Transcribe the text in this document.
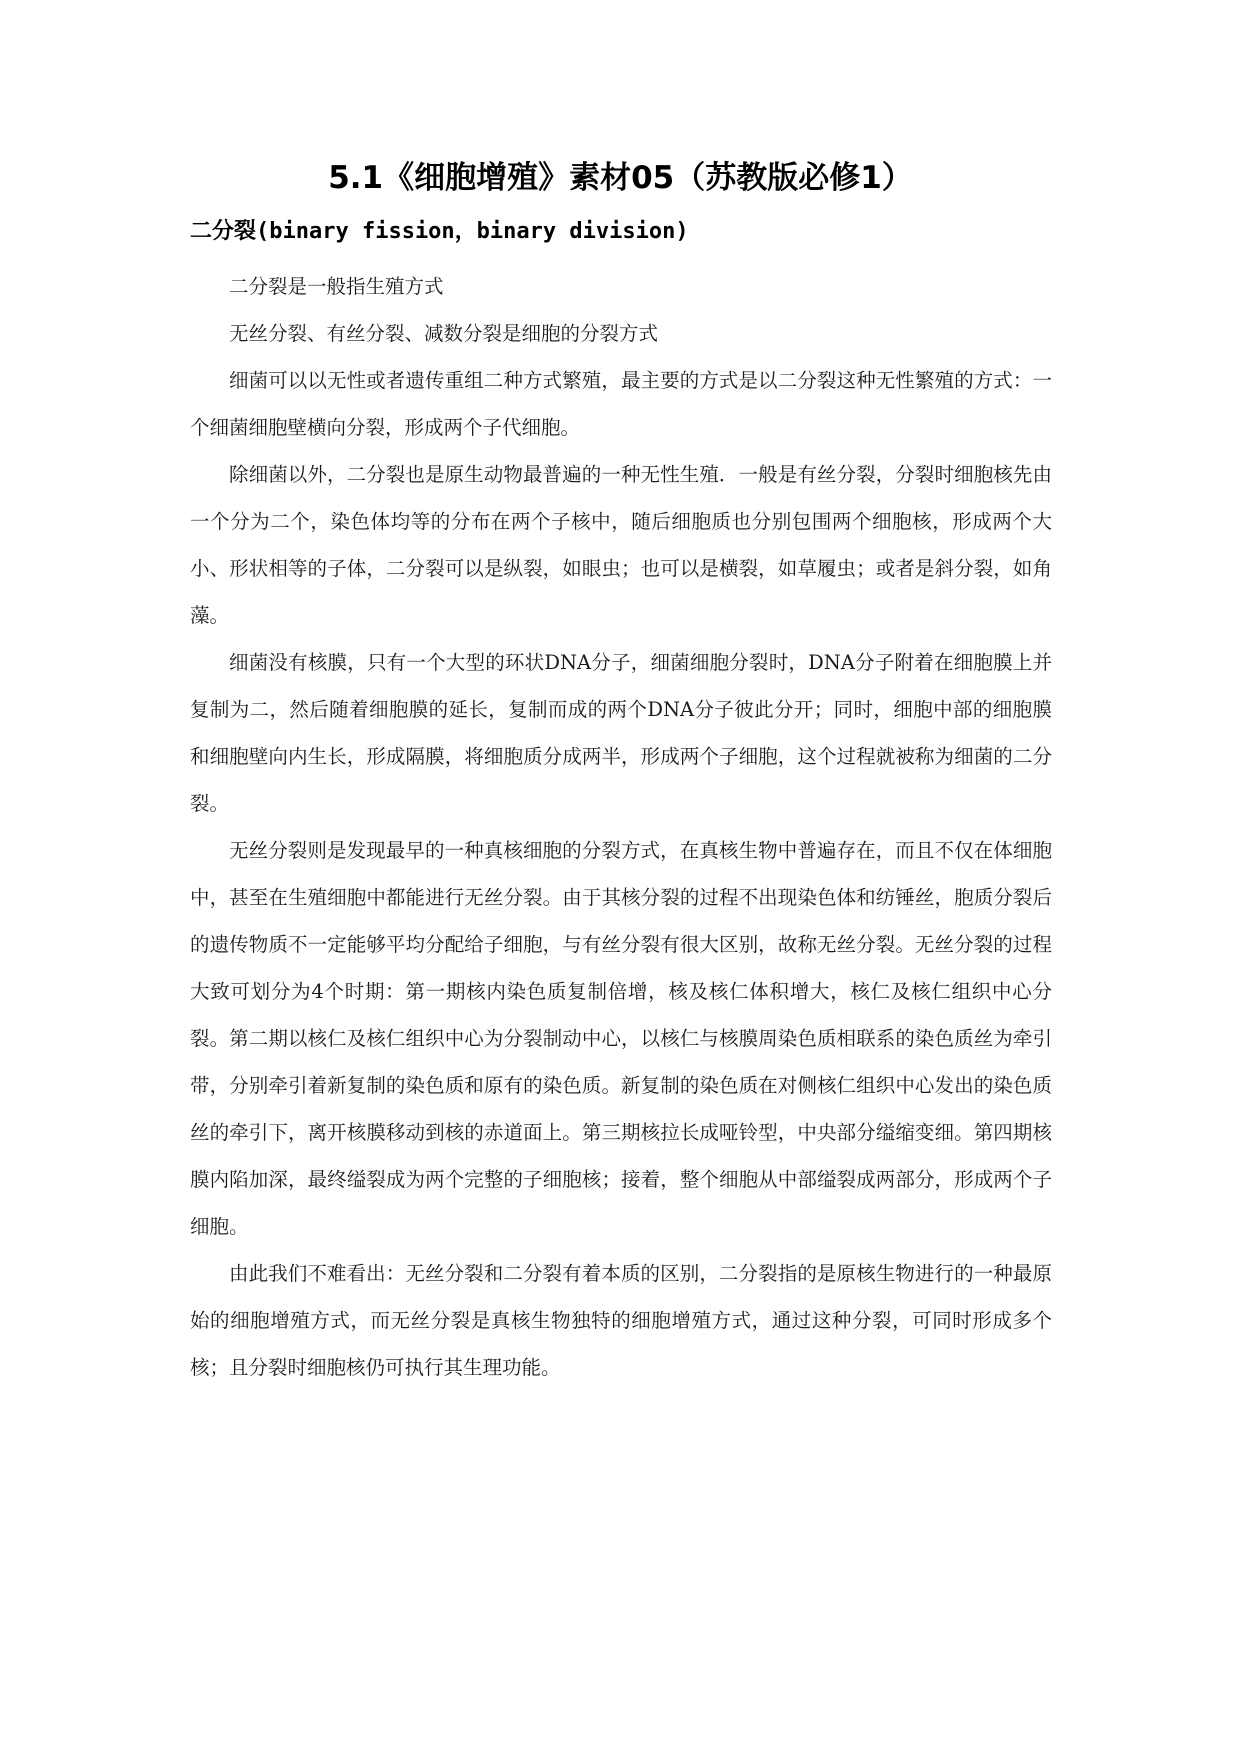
5.1《细胞增殖》素材05（苏教版必修1）
二分裂(binary fission，binary division)

二分裂是一般指生殖方式

无丝分裂、有丝分裂、减数分裂是细胞的分裂方式

细菌可以以无性或者遗传重组二种方式繁殖，最主要的方式是以二分裂这种无性繁殖的方式：一个细菌细胞壁横向分裂，形成两个子代细胞。

除细菌以外，二分裂也是原生动物最普遍的一种无性生殖．一般是有丝分裂，分裂时细胞核先由一个分为二个，染色体均等的分布在两个子核中，随后细胞质也分别包围两个细胞核，形成两个大小、形状相等的子体，二分裂可以是纵裂，如眼虫；也可以是横裂，如草履虫；或者是斜分裂，如角藻。

细菌没有核膜，只有一个大型的环状DNA分子，细菌细胞分裂时，DNA分子附着在细胞膜上并复制为二，然后随着细胞膜的延长，复制而成的两个DNA分子彼此分开；同时，细胞中部的细胞膜和细胞壁向内生长，形成隔膜，将细胞质分成两半，形成两个子细胞，这个过程就被称为细菌的二分裂。

无丝分裂则是发现最早的一种真核细胞的分裂方式，在真核生物中普遍存在，而且不仅在体细胞中，甚至在生殖细胞中都能进行无丝分裂。由于其核分裂的过程不出现染色体和纺锤丝，胞质分裂后的遗传物质不一定能够平均分配给子细胞，与有丝分裂有很大区别，故称无丝分裂。无丝分裂的过程大致可划分为4个时期：第一期核内染色质复制倍增，核及核仁体积增大，核仁及核仁组织中心分裂。第二期以核仁及核仁组织中心为分裂制动中心，以核仁与核膜周染色质相联系的染色质丝为牵引带，分别牵引着新复制的染色质和原有的染色质。新复制的染色质在对侧核仁组织中心发出的染色质丝的牵引下，离开核膜移动到核的赤道面上。第三期核拉长成哑铃型，中央部分缢缩变细。第四期核膜内陷加深，最终缢裂成为两个完整的子细胞核；接着，整个细胞从中部缢裂成两部分，形成两个子细胞。

由此我们不难看出：无丝分裂和二分裂有着本质的区别，二分裂指的是原核生物进行的一种最原始的细胞增殖方式，而无丝分裂是真核生物独特的细胞增殖方式，通过这种分裂，可同时形成多个核；且分裂时细胞核仍可执行其生理功能。
